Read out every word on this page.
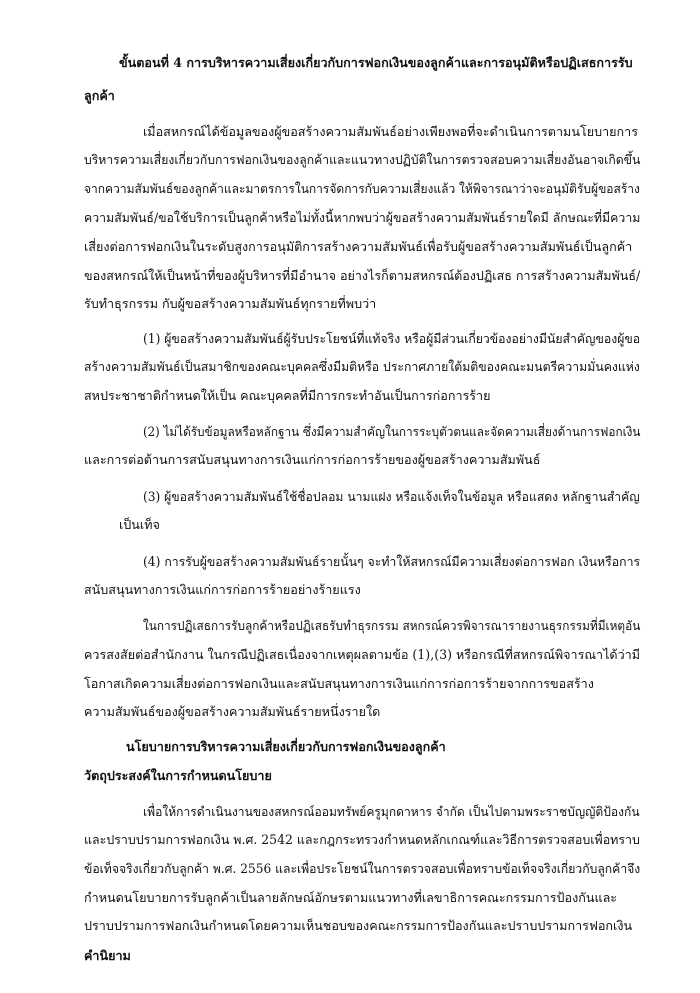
ขั้นตอนที่ 4 การบริหารความเสี่ยงเกี่ยวกับการฟอกเงินของลูกค้าและการอนุมัติหรือปฏิเสธการรับ
ลูกค้า
เมื่อสหกรณ์ได้ข้อมูลของผู้ขอสร้างความสัมพันธ์อย่างเพียงพอที่จะดำเนินการตามนโยบายการ
บริหารความเสี่ยงเกี่ยวกับการฟอกเงินของลูกค้าและแนวทางปฏิบัติในการตรวจสอบความเสี่ยงอันอาจเกิดขึ้น
จากความสัมพันธ์ของลูกค้าและมาตรการในการจัดการกับความเสี่ยงแล้ว ให้พิจารณาว่าจะอนุมัติรับผู้ขอสร้าง
ความสัมพันธ์/ขอใช้บริการเป็นลูกค้าหรือไม่ทั้งนี้หากพบว่าผู้ขอสร้างความสัมพันธ์รายใดมี ลักษณะที่มีความ
เสี่ยงต่อการฟอกเงินในระดับสูงการอนุมัติการสร้างความสัมพันธ์เพื่อรับผู้ขอสร้างความสัมพันธ์เป็นลูกค้า
ของสหกรณ์ให้เป็นหน้าที่ของผู้บริหารที่มีอำนาจ อย่างไรก็ตามสหกรณ์ต้องปฏิเสธ การสร้างความสัมพันธ์/
รับทำธุรกรรม กับผู้ขอสร้างความสัมพันธ์ทุกรายที่พบว่า
(1) ผู้ขอสร้างความสัมพันธ์ผู้รับประโยชน์ที่แท้จริง หรือผู้มีส่วนเกี่ยวข้องอย่างมีนัยสำคัญของผู้ขอ
สร้างความสัมพันธ์เป็นสมาชิกของคณะบุคคลซึ่งมีมติหรือ ประกาศภายใต้มติของคณะมนตรีความมั่นคงแห่ง
สหประชาชาติกำหนดให้เป็น คณะบุคคลที่มีการกระทำอันเป็นการก่อการร้าย
(2) ไม่ได้รับข้อมูลหรือหลักฐาน ซึ่งมีความสำคัญในการระบุตัวตนและจัดความเสี่ยงด้านการฟอกเงิน
และการต่อต้านการสนับสนุนทางการเงินแก่การก่อการร้ายของผู้ขอสร้างความสัมพันธ์
(3) ผู้ขอสร้างความสัมพันธ์ใช้ชื่อปลอม นามแฝง หรือแจ้งเท็จในข้อมูล หรือแสดง หลักฐานสำคัญ
เป็นเท็จ
(4) การรับผู้ขอสร้างความสัมพันธ์รายนั้นๆ จะทำให้สหกรณ์มีความเสี่ยงต่อการฟอก เงินหรือการ
สนับสนุนทางการเงินแก่การก่อการร้ายอย่างร้ายแรง
ในการปฏิเสธการรับลูกค้าหรือปฏิเสธรับทำธุรกรรม สหกรณ์ควรพิจารณารายงานธุรกรรมที่มีเหตุอัน
ควรสงสัยต่อสำนักงาน ในกรณีปฏิเสธเนื่องจากเหตุผลตามข้อ (1),(3) หรือกรณีที่สหกรณ์พิจารณาได้ว่ามี
โอกาสเกิดความเสี่ยงต่อการฟอกเงินและสนับสนุนทางการเงินแก่การก่อการร้ายจากการขอสร้าง
ความสัมพันธ์ของผู้ขอสร้างความสัมพันธ์รายหนึ่งรายใด
นโยบายการบริหารความเสี่ยงเกี่ยวกับการฟอกเงินของลูกค้า
วัตถุประสงค์ในการกำหนดนโยบาย
เพื่อให้การดำเนินงานของสหกรณ์ออมทรัพย์ครูมุกดาหาร จำกัด เป็นไปตามพระราชบัญญัติป้องกัน
และปราบปรามการฟอกเงิน พ.ศ. 2542 และกฎกระทรวงกำหนดหลักเกณฑ์และวิธีการตรวจสอบเพื่อทราบ
ข้อเท็จจริงเกี่ยวกับลูกค้า พ.ศ. 2556 และเพื่อประโยชน์ในการตรวจสอบเพื่อทราบข้อเท็จจริงเกี่ยวกับลูกค้าจึง
กำหนดนโยบายการรับลูกค้าเป็นลายลักษณ์อักษรตามแนวทางที่เลขาธิการคณะกรรมการป้องกันและ
ปราบปรามการฟอกเงินกำหนดโดยความเห็นชอบของคณะกรรมการป้องกันและปราบปรามการฟอกเงิน
คำนิยาม
